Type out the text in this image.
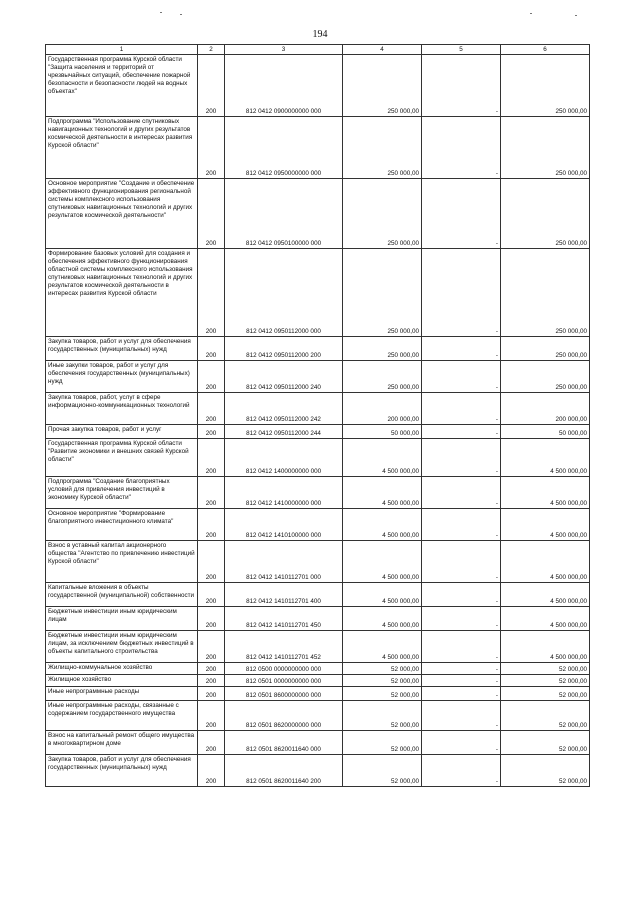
194
1	2	3	4	5	6
Государственная программа Курской области "Защита населения и территорий от чрезвычайных ситуаций, обеспечение пожарной безопасности и безопасности людей на водных объектах"	200	812 0412 0900000000 000	250 000,00	-	250 000,00
Подпрограмма "Использование спутниковых навигационных технологий и других результатов космической деятельности в интересах развития Курской области"	200	812 0412 0950000000 000	250 000,00	-	250 000,00
Основное мероприятие "Создание и обеспечение эффективного функционирования региональной системы комплексного использования спутниковых навигационных технологий и других результатов космической деятельности"	200	812 0412 0950100000 000	250 000,00	-	250 000,00
Формирование базовых условий для создания и обеспечения эффективного функционирования областной системы комплексного использования спутниковых навигационных технологий и других результатов космической деятельности в интересах развития Курской области	200	812 0412 0950112000 000	250 000,00	-	250 000,00
Закупка товаров, работ и услуг для обеспечения государственных (муниципальных) нужд	200	812 0412 0950112000 200	250 000,00	-	250 000,00
Иные закупки товаров, работ и услуг для обеспечения государственных (муниципальных) нужд	200	812 0412 0950112000 240	250 000,00	-	250 000,00
Закупка товаров, работ, услуг в сфере информационно-коммуникационных технологий	200	812 0412 0950112000 242	200 000,00	-	200 000,00
Прочая закупка товаров, работ и услуг	200	812 0412 0950112000 244	50 000,00	-	50 000,00
Государственная программа Курской области "Развитие экономики и внешних связей Курской области"	200	812 0412 1400000000 000	4 500 000,00	-	4 500 000,00
Подпрограмма "Создание благоприятных условий для привлечения инвестиций в экономику Курской области"	200	812 0412 1410000000 000	4 500 000,00	-	4 500 000,00
Основное мероприятие "Формирование благоприятного инвестиционного климата"	200	812 0412 1410100000 000	4 500 000,00	-	4 500 000,00
Взнос в уставный капитал акционерного общества "Агентство по привлечению инвестиций Курской области"	200	812 0412 1410112701 000	4 500 000,00	-	4 500 000,00
Капитальные вложения в объекты государственной (муниципальной) собственности	200	812 0412 1410112701 400	4 500 000,00	-	4 500 000,00
Бюджетные инвестиции иным юридическим лицам	200	812 0412 1410112701 450	4 500 000,00	-	4 500 000,00
Бюджетные инвестиции иным юридическим лицам, за исключением бюджетных инвестиций в объекты капитального строительства	200	812 0412 1410112701 452	4 500 000,00	-	4 500 000,00
Жилищно-коммунальное хозяйство	200	812 0500 0000000000 000	52 000,00	-	52 000,00
Жилищное хозяйство	200	812 0501 0000000000 000	52 000,00	-	52 000,00
Иные непрограммные расходы	200	812 0501 8600000000 000	52 000,00	-	52 000,00
Иные непрограммные расходы, связанные с содержанием государственного имущества	200	812 0501 8620000000 000	52 000,00	-	52 000,00
Взнос на капитальный ремонт общего имущества в многоквартирном доме	200	812 0501 8620011640 000	52 000,00	-	52 000,00
Закупка товаров, работ и услуг для обеспечения государственных (муниципальных) нужд	200	812 0501 8620011640 200	52 000,00	-	52 000,00
